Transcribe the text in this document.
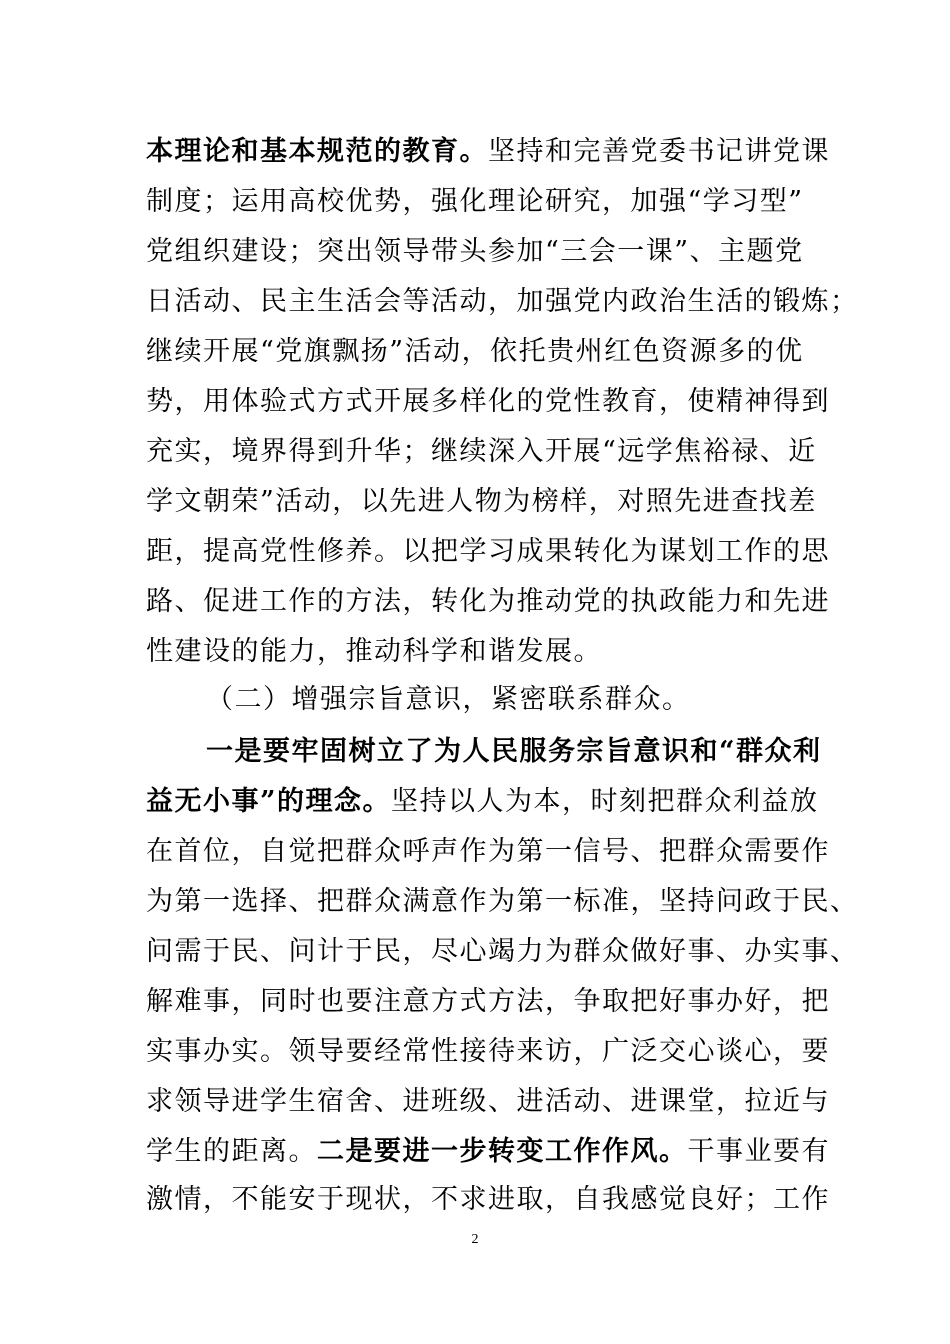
本理论和基本规范的教育。坚持和完善党委书记讲党课
制度；运用高校优势，强化理论研究，加强“学习型”
党组织建设；突出领导带头参加“三会一课”、主题党
日活动、民主生活会等活动，加强党内政治生活的锻炼；
继续开展“党旗飘扬”活动，依托贵州红色资源多的优
势，用体验式方式开展多样化的党性教育，使精神得到
充实，境界得到升华；继续深入开展“远学焦裕禄、近
学文朝荣”活动，以先进人物为榜样，对照先进查找差
距，提高党性修养。以把学习成果转化为谋划工作的思
路、促进工作的方法，转化为推动党的执政能力和先进
性建设的能力，推动科学和谐发展。
（二）增强宗旨意识，紧密联系群众。
一是要牢固树立了为人民服务宗旨意识和“群众利
益无小事”的理念。坚持以人为本，时刻把群众利益放
在首位，自觉把群众呼声作为第一信号、把群众需要作
为第一选择、把群众满意作为第一标准，坚持问政于民、
问需于民、问计于民，尽心竭力为群众做好事、办实事、
解难事，同时也要注意方式方法，争取把好事办好，把
实事办实。领导要经常性接待来访，广泛交心谈心，要
求领导进学生宿舍、进班级、进活动、进课堂，拉近与
学生的距离。二是要进一步转变工作作风。干事业要有
激情，不能安于现状，不求进取，自我感觉良好；工作
2
